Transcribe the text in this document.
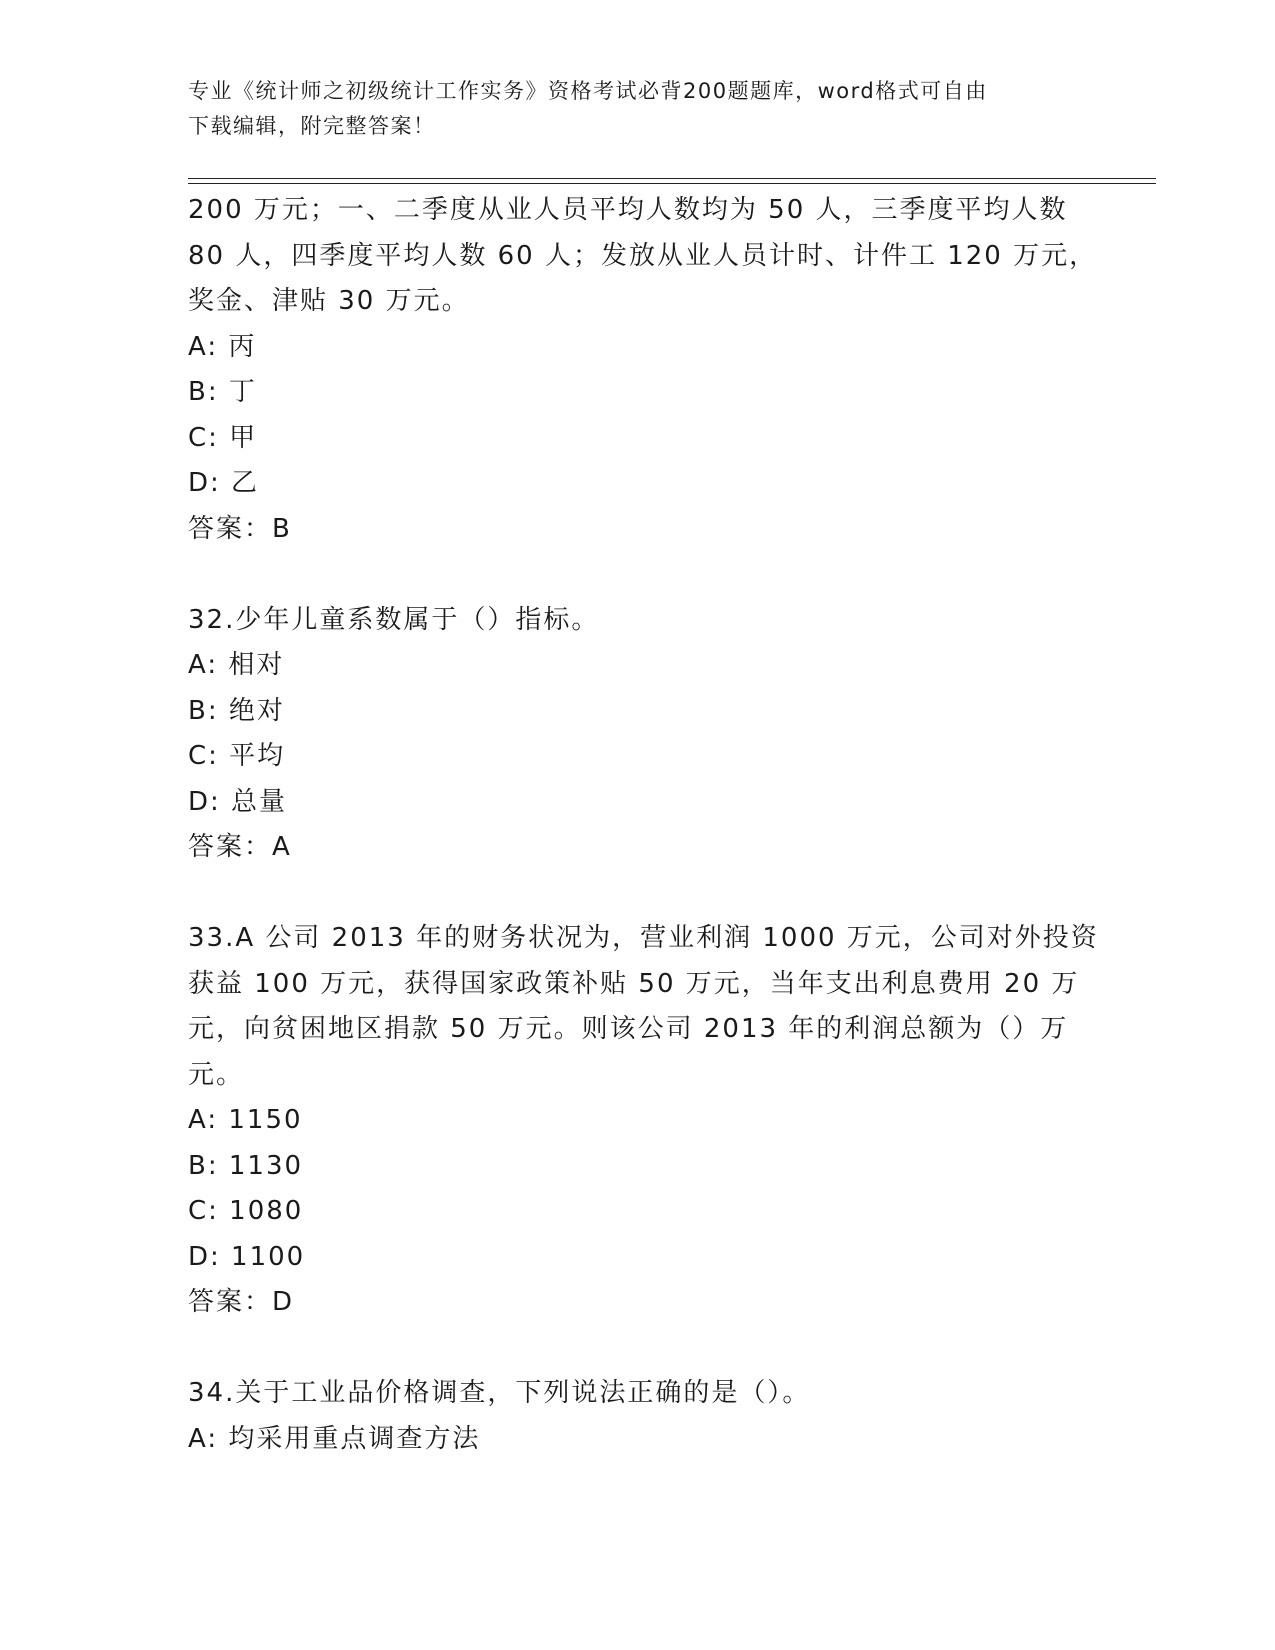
专业《统计师之初级统计工作实务》资格考试必背200题题库，word格式可自由
下载编辑，附完整答案！

200 万元；一、二季度从业人员平均人数均为 50 人，三季度平均人数

80 人，四季度平均人数 60 人；发放从业人员计时、计件工 120 万元，

奖金、津贴 30 万元。

A: 丙

B: 丁

C: 甲

D: 乙

答案：B

32.少年儿童系数属于（）指标。

A: 相对

B: 绝对

C: 平均

D: 总量

答案：A

33.A 公司 2013 年的财务状况为，营业利润 1000 万元，公司对外投资

获益 100 万元，获得国家政策补贴 50 万元，当年支出利息费用 20 万

元，向贫困地区捐款 50 万元。则该公司 2013 年的利润总额为（）万

元。

A: 1150

B: 1130

C: 1080

D: 1100

答案：D

34.关于工业品价格调查，下列说法正确的是（）。

A: 均采用重点调查方法
